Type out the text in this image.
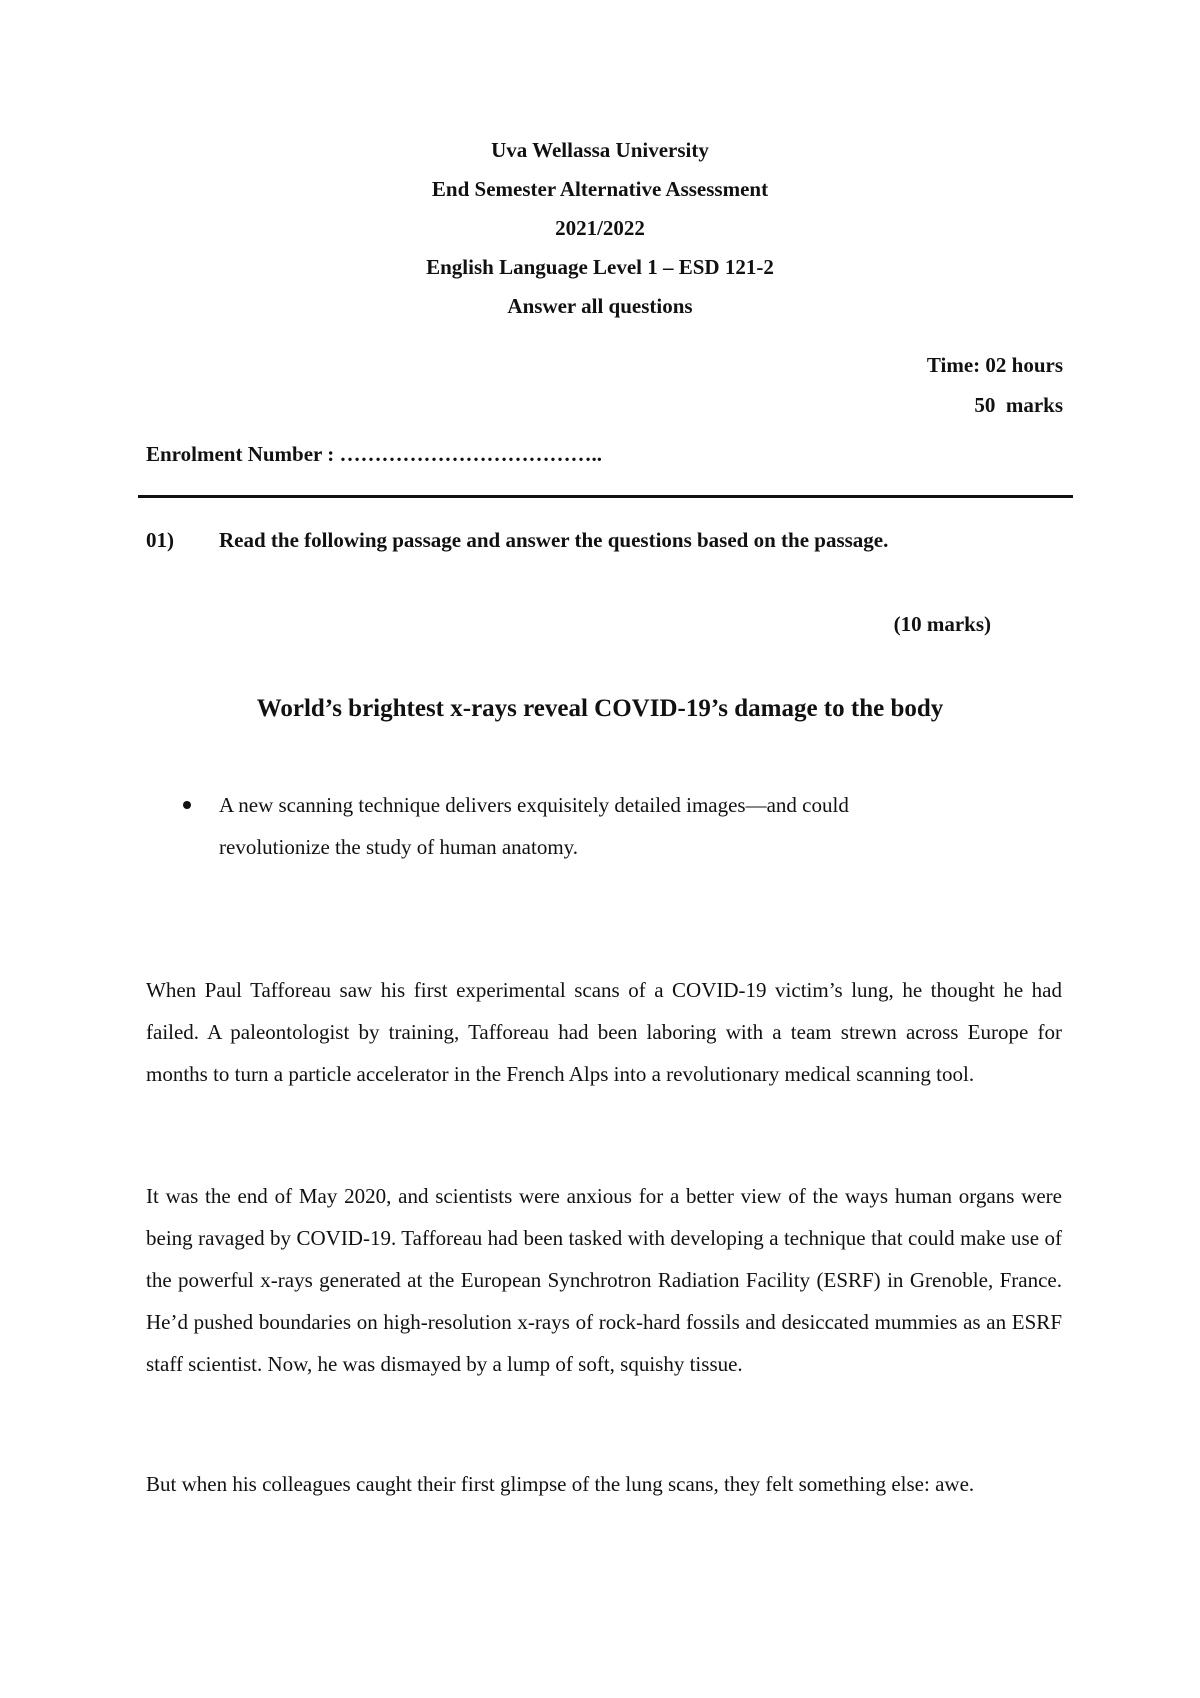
Uva Wellassa University
End Semester Alternative Assessment
2021/2022
English Language Level 1 – ESD 121-2
Answer all questions
Time: 02 hours
50  marks
Enrolment Number : ………………………………..
01) Read the following passage and answer the questions based on the passage.
(10 marks)
World’s brightest x-rays reveal COVID-19’s damage to the body
A new scanning technique delivers exquisitely detailed images—and could revolutionize the study of human anatomy.

When Paul Tafforeau saw his first experimental scans of a COVID-19 victim’s lung, he thought he had failed. A paleontologist by training, Tafforeau had been laboring with a team strewn across Europe for months to turn a particle accelerator in the French Alps into a revolutionary medical scanning tool.

It was the end of May 2020, and scientists were anxious for a better view of the ways human organs were being ravaged by COVID-19. Tafforeau had been tasked with developing a technique that could make use of the powerful x-rays generated at the European Synchrotron Radiation Facility (ESRF) in Grenoble, France. He’d pushed boundaries on high-resolution x-rays of rock-hard fossils and desiccated mummies as an ESRF staff scientist. Now, he was dismayed by a lump of soft, squishy tissue.

But when his colleagues caught their first glimpse of the lung scans, they felt something else: awe.
